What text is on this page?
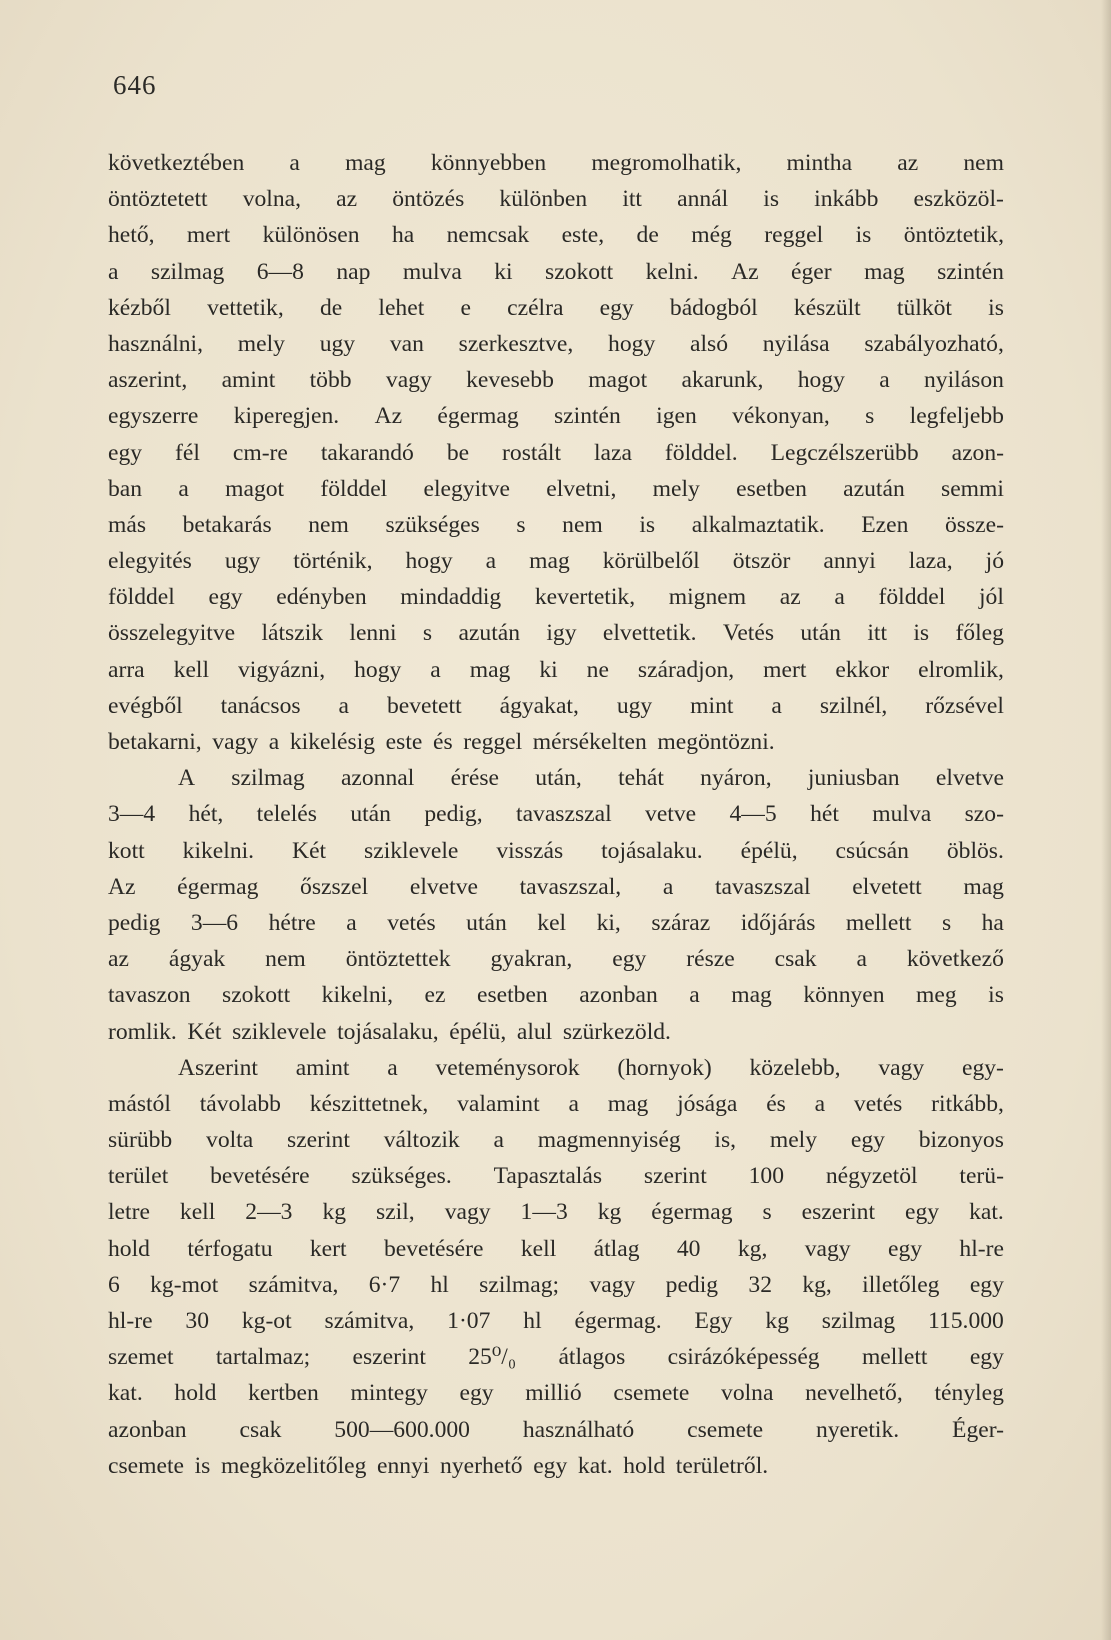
646
következtében a mag könnyebben megromolhatik, mintha az nem
öntöztetett volna, az öntözés különben itt annál is inkább eszközöl-
hető, mert különösen ha nemcsak este, de még reggel is öntöztetik,
a szilmag 6—8 nap mulva ki szokott kelni. Az éger mag szintén
kézből vettetik, de lehet e czélra egy bádogból készült tülköt is
használni, mely ugy van szerkesztve, hogy alsó nyilása szabályozható,
aszerint, amint több vagy kevesebb magot akarunk, hogy a nyiláson
egyszerre kiperegjen. Az égermag szintén igen vékonyan, s legfeljebb
egy fél cm-re takarandó be rostált laza földdel. Legczélszerübb azon-
ban a magot földdel elegyitve elvetni, mely esetben azután semmi
más betakarás nem szükséges s nem is alkalmaztatik. Ezen össze-
elegyités ugy történik, hogy a mag körülbelől ötször annyi laza, jó
földdel egy edényben mindaddig kevertetik, mignem az a földdel jól
összelegyitve látszik lenni s azután igy elvettetik. Vetés után itt is főleg
arra kell vigyázni, hogy a mag ki ne száradjon, mert ekkor elromlik,
evégből tanácsos a bevetett ágyakat, ugy mint a szilnél, rőzsével
betakarni, vagy a kikelésig este és reggel mérsékelten megöntözni.
A szilmag azonnal érése után, tehát nyáron, juniusban elvetve
3—4 hét, telelés után pedig, tavaszszal vetve 4—5 hét mulva szo-
kott kikelni. Két sziklevele visszás tojásalaku. épélü, csúcsán öblös.
Az égermag őszszel elvetve tavaszszal, a tavaszszal elvetett mag
pedig 3—6 hétre a vetés után kel ki, száraz időjárás mellett s ha
az ágyak nem öntöztettek gyakran, egy része csak a következő
tavaszon szokott kikelni, ez esetben azonban a mag könnyen meg is
romlik. Két sziklevele tojásalaku, épélü, alul szürkezöld.
Aszerint amint a veteménysorok (hornyok) közelebb, vagy egy-
mástól távolabb készittetnek, valamint a mag jósága és a vetés ritkább,
sürübb volta szerint változik a magmennyiség is, mely egy bizonyos
terület bevetésére szükséges. Tapasztalás szerint 100 négyzetöl terü-
letre kell 2—3 kg szil, vagy 1—3 kg égermag s eszerint egy kat.
hold térfogatu kert bevetésére kell átlag 40 kg, vagy egy hl-re
6 kg-mot számitva, 6·7 hl szilmag; vagy pedig 32 kg, illetőleg egy
hl-re 30 kg-ot számitva, 1·07 hl égermag. Egy kg szilmag 115.000
szemet tartalmaz; eszerint 25⁰/₀ átlagos csirázóképesség mellett egy
kat. hold kertben mintegy egy millió csemete volna nevelhető, tényleg
azonban csak 500—600.000 használható csemete nyeretik. Éger-
csemete is megközelitőleg ennyi nyerhető egy kat. hold területről.
